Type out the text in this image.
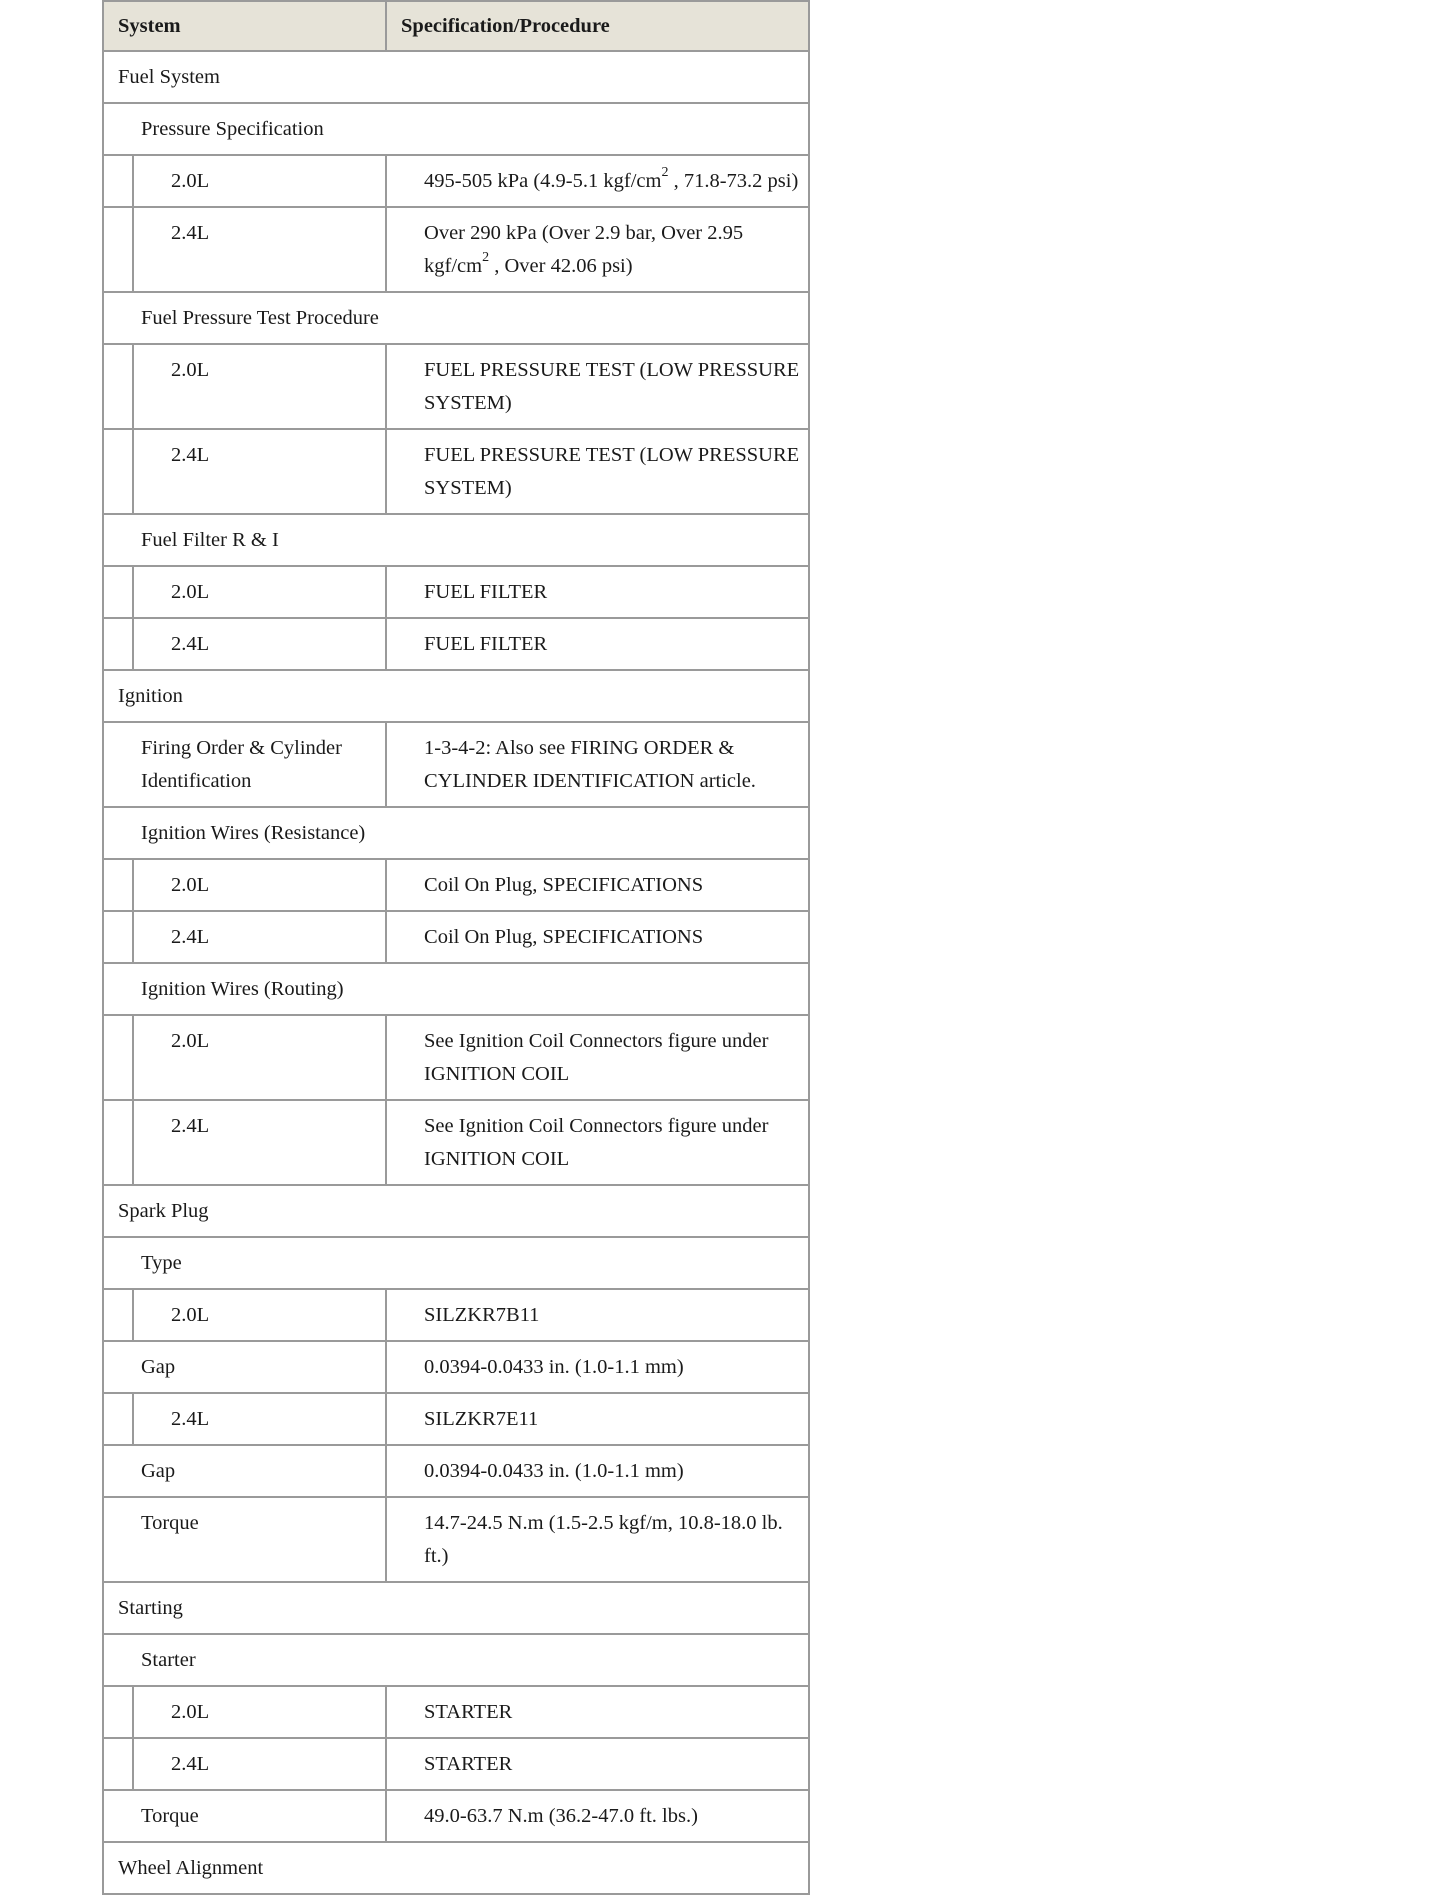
System		Specification/Procedure
Fuel System		
Pressure Specification		
	2.0L	495-505 kPa (4.9-5.1 kgf/$cm^2$ , 71.8-73.2 psi)
	2.4L	Over 290 kPa (Over 2.9 bar, Over 2.95 kgf/$cm^2$ , Over 42.06 psi)
Fuel Pressure Test Procedure		
	2.0L	FUEL PRESSURE TEST (LOW PRESSURE SYSTEM)
	2.4L	FUEL PRESSURE TEST (LOW PRESSURE SYSTEM)
Fuel Filter R & I		
	2.0L	FUEL FILTER
	2.4L	FUEL FILTER
Ignition		
Firing Order & Cylinder Identification		1-3-4-2: Also see FIRING ORDER & CYLINDER IDENTIFICATION article.
Ignition Wires (Resistance)		
	2.0L	Coil On Plug, SPECIFICATIONS
	2.4L	Coil On Plug, SPECIFICATIONS
Ignition Wires (Routing)		
	2.0L	See Ignition Coil Connectors figure under IGNITION COIL
	2.4L	See Ignition Coil Connectors figure under IGNITION COIL
Spark Plug		
Type		
	2.0L	SILZKR7B11
Gap		0.0394-0.0433 in. (1.0-1.1 mm)
	2.4L	SILZKR7E11
Gap		0.0394-0.0433 in. (1.0-1.1 mm)
Torque		14.7-24.5 N.m (1.5-2.5 kgf/m, 10.8-18.0 lb. ft.)
Starting		
Starter		
	2.0L	STARTER
	2.4L	STARTER
Torque		49.0-63.7 N.m (36.2-47.0 ft. lbs.)
Wheel Alignment		
